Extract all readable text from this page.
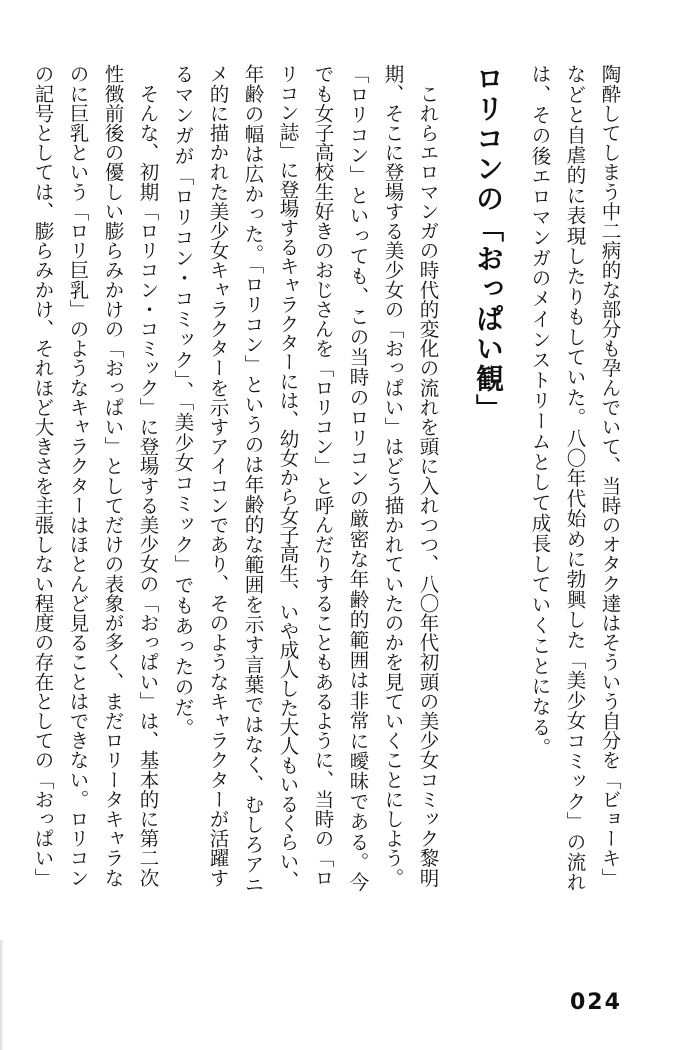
陶酔してしまう中二病的な部分も孕んでいて、当時のオタク達はそういう自分を「ビョーキ」
などと自虐的に表現したりもしていた。八〇年代始めに勃興した「美少女コミック」の流れ
は、その後エロマンガのメインストリームとして成長していくことになる。
ロリコンの「おっぱい観」
　これらエロマンガの時代的変化の流れを頭に入れつつ、八〇年代初頭の美少女コミック黎明
期、そこに登場する美少女の「おっぱい」はどう描かれていたのかを見ていくことにしよう。
「ロリコン」といっても、この当時のロリコンの厳密な年齢的範囲は非常に曖昧である。今
でも女子高校生好きのおじさんを「ロリコン」と呼んだりすることもあるように、当時の「ロ
リコン誌」に登場するキャラクターには、幼女から女子高生、いや成人した大人もいるくらい、
年齢の幅は広かった。「ロリコン」というのは年齢的な範囲を示す言葉ではなく、むしろアニ
メ的に描かれた美少女キャラクターを示すアイコンであり、そのようなキャラクターが活躍す
るマンガが「ロリコン・コミック」、「美少女コミック」でもあったのだ。
　そんな、初期「ロリコン・コミック」に登場する美少女の「おっぱい」は、基本的に第二次
性徴前後の優しい膨らみかけの「おっぱい」としてだけの表象が多く、まだロリータキャラな
のに巨乳という「ロリ巨乳」のようなキャラクターはほとんど見ることはできない。ロリコン
の記号としては、膨らみかけ、それほど大きさを主張しない程度の存在としての「おっぱい」
024
